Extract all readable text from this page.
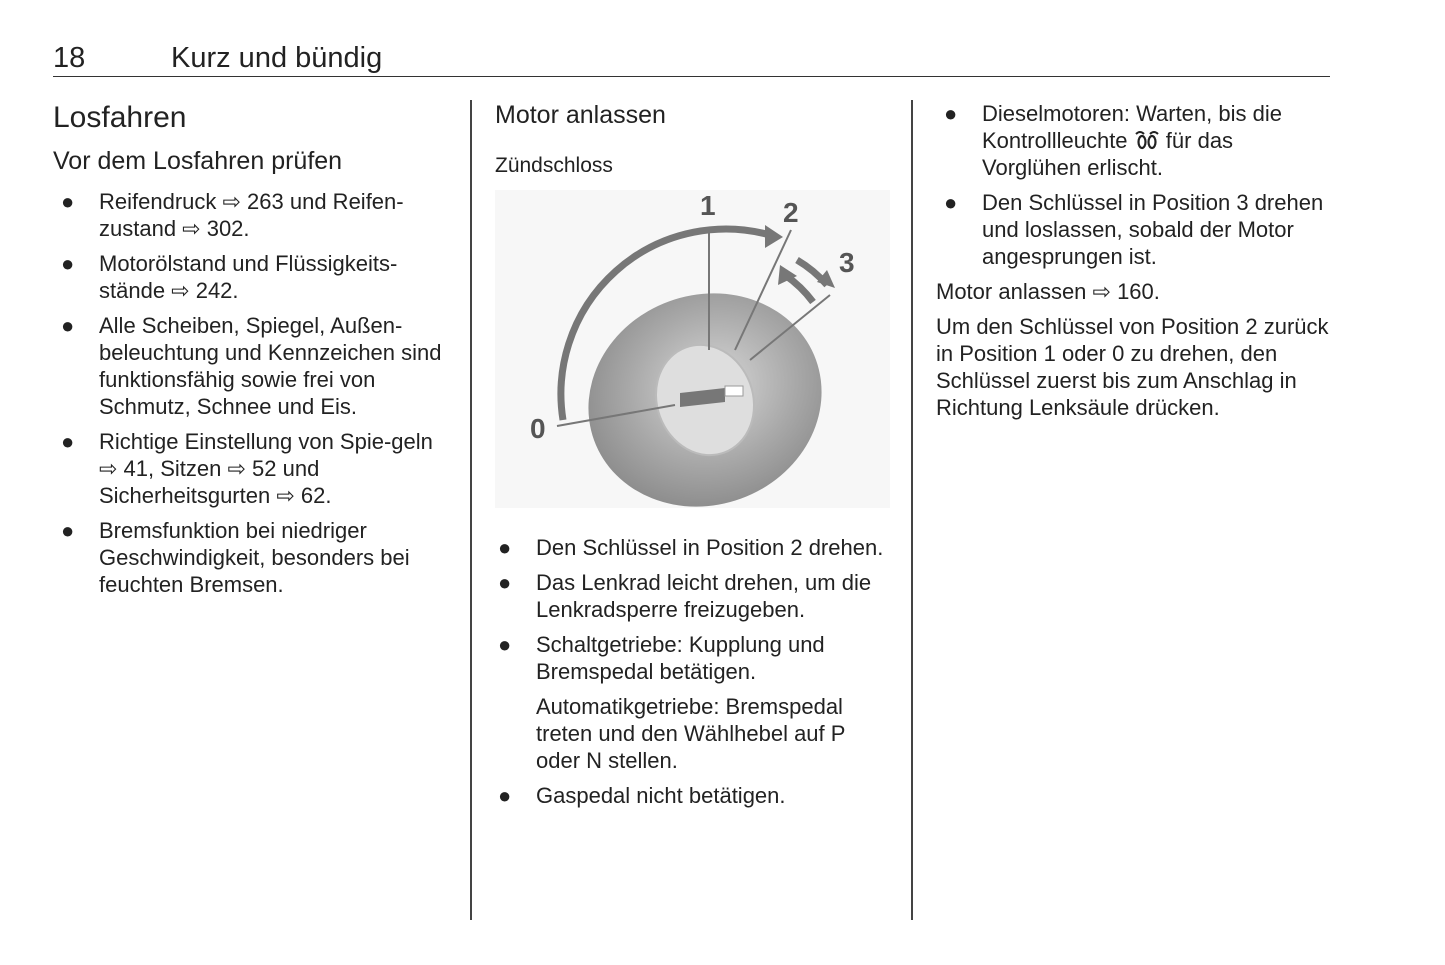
18	Kurz und bündig
Losfahren
Vor dem Losfahren prüfen
● Reifendruck ⇨ 263 und Reifen-zustand ⇨ 302.
● Motorölstand und Flüssigkeits-stände ⇨ 242.
● Alle Scheiben, Spiegel, Außen-beleuchtung und Kennzeichen sind funktionsfähig sowie frei von Schmutz, Schnee und Eis.
● Richtige Einstellung von Spie-geln ⇨ 41, Sitzen ⇨ 52 und Sicherheitsgurten ⇨ 62.
● Bremsfunktion bei niedriger Geschwindigkeit, besonders bei feuchten Bremsen.
Motor anlassen
Zündschloss
0
1 2
3
● Den Schlüssel in Position 2 drehen.
● Das Lenkrad leicht drehen, um die Lenkradsperre freizugeben.
● Schaltgetriebe: Kupplung und Bremspedal betätigen.

Automatikgetriebe: Bremspedal treten und den Wählhebel auf P oder N stellen.

● Gaspedal nicht betätigen.
● Dieselmotoren: Warten, bis die Kontrollleuchte für das Vorglühen erlischt.
● Den Schlüssel in Position 3 drehen und loslassen, sobald der Motor angesprungen ist.

Motor anlassen ⇨ 160.

Um den Schlüssel von Position 2 zurück in Position 1 oder 0 zu drehen, den Schlüssel zuerst bis zum Anschlag in Richtung Lenksäule drücken.
